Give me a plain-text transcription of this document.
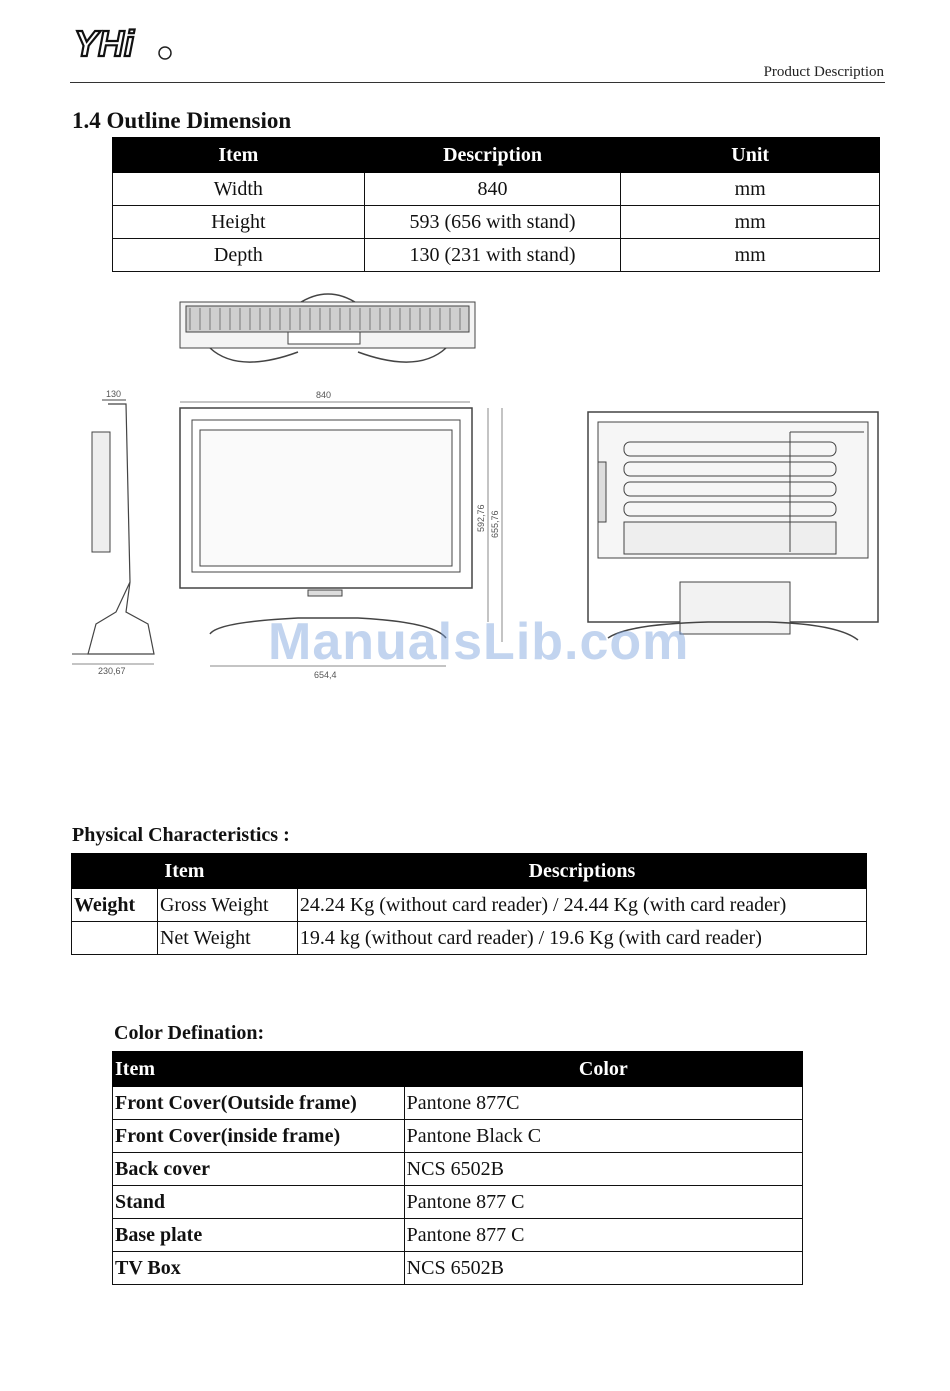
YHi
Product Description
1.4 Outline Dimension
Item	Description	Unit
Width	840	mm
Height	593 (656 with stand)	mm
Depth	130 (231 with stand)	mm
130
230,67
840
592,76 655,76
654,4
ManualsLib.com
Physical Characteristics :
Item		Descriptions
Weight	Gross Weight	24.24 Kg (without card reader) / 24.44 Kg (with card reader)
	Net Weight	19.4 kg (without card reader) / 19.6 Kg (with card reader)
Color Defination:
Item	Color
Front Cover(Outside frame)	Pantone 877C
Front Cover(inside frame)	Pantone Black C
Back cover	NCS 6502B
Stand	Pantone 877 C
Base plate	Pantone 877 C
TV Box	NCS 6502B
